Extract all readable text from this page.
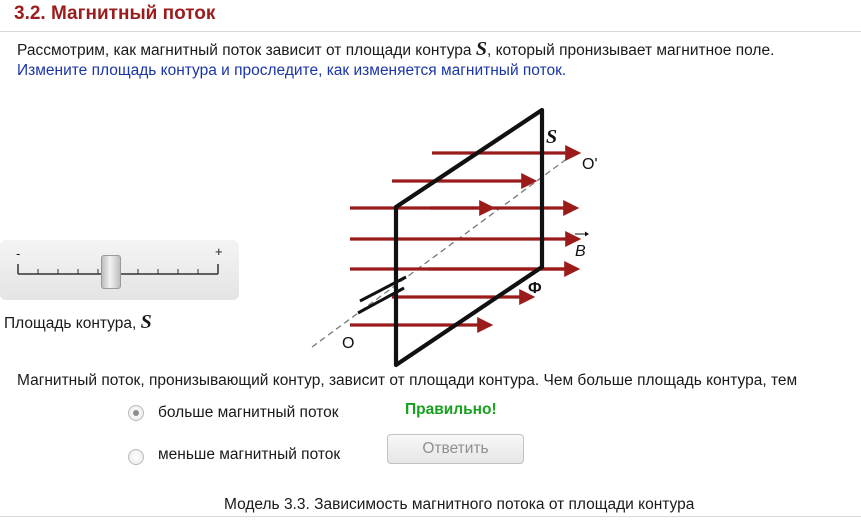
3.2. Магнитный поток
Рассмотрим, как магнитный поток зависит от площади контура S, который пронизывает магнитное поле.
Измените площадь контура и проследите, как изменяется магнитный поток.
-	+
Площадь контура, S
S
O'
B
Ф
O
Магнитный поток, пронизывающий контур, зависит от площади контура. Чем больше площадь контура, тем
больше магнитный поток
меньше магнитный поток
Правильно!
Ответить
Модель 3.3. Зависимость магнитного потока от площади контура
